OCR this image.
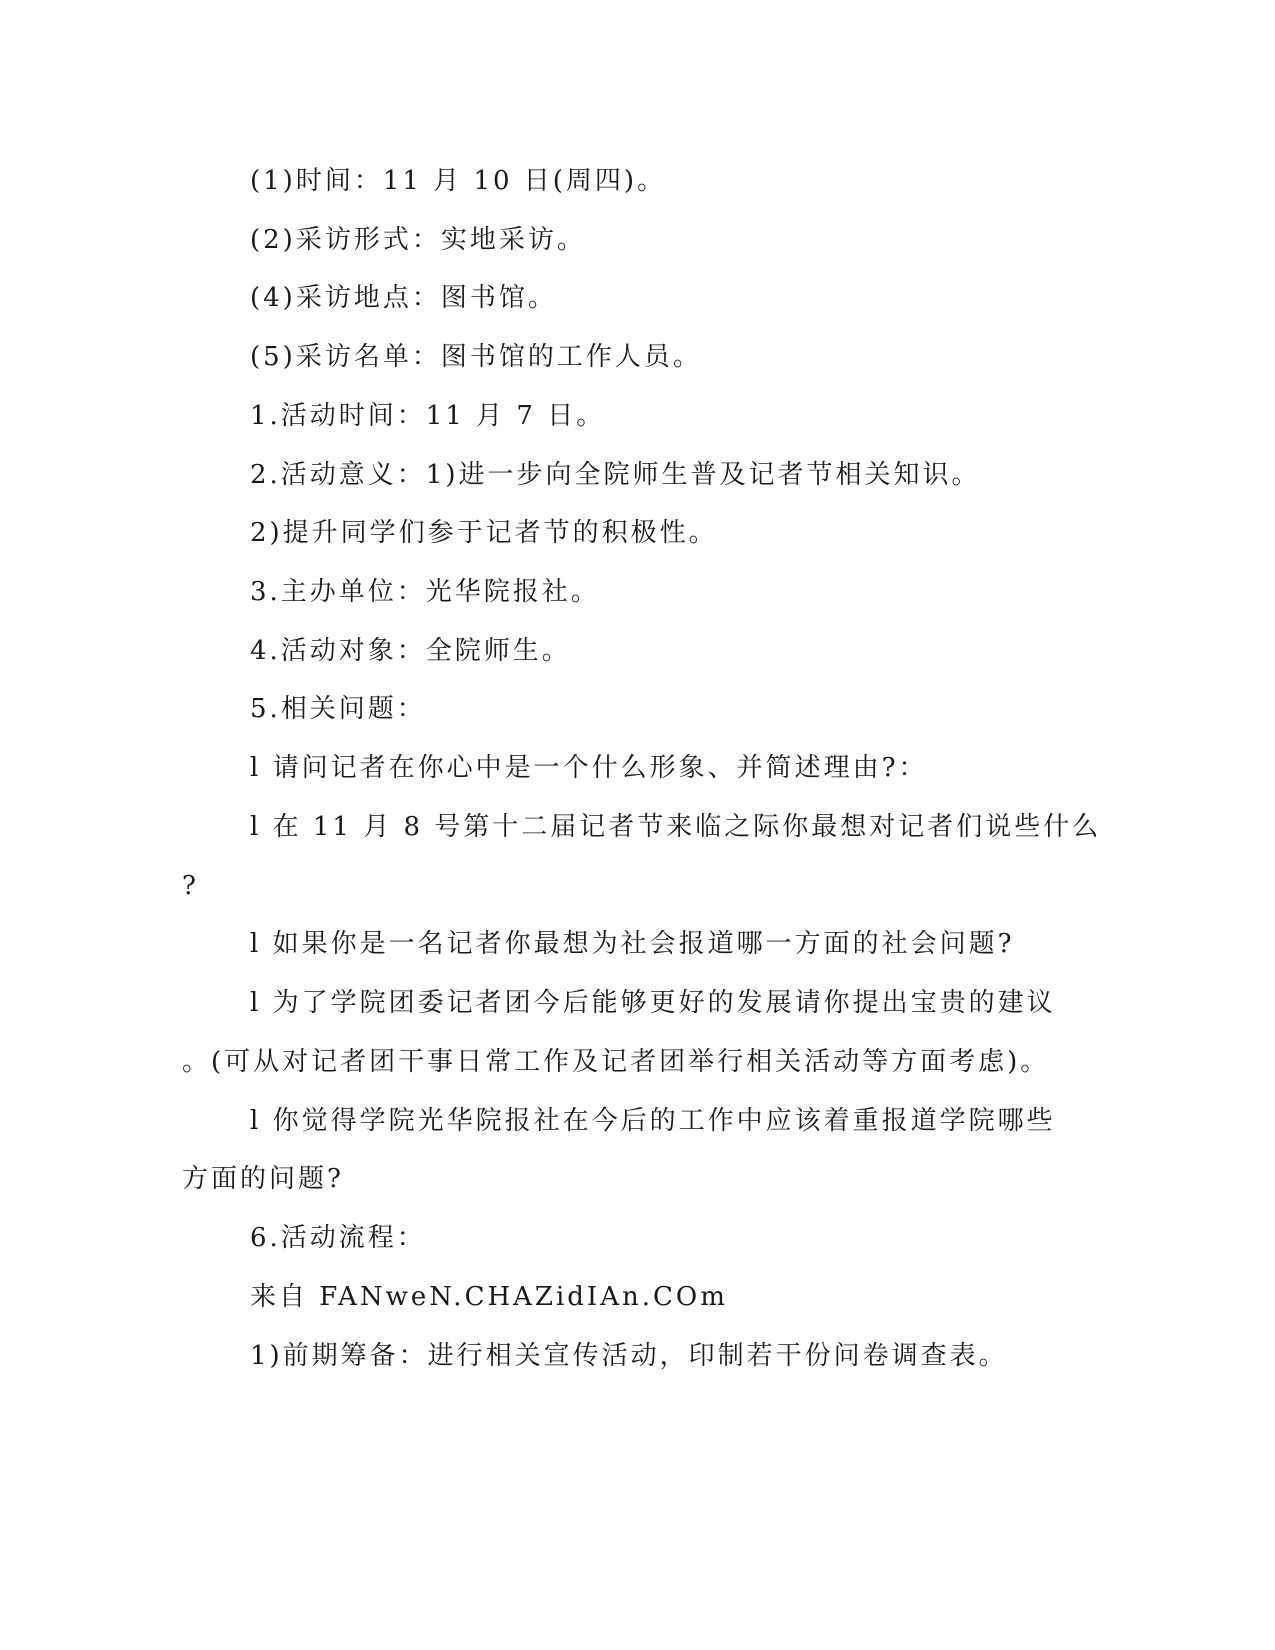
(1)时间：11 月 10 日(周四)。
(2)采访形式：实地采访。
(4)采访地点：图书馆。
(5)采访名单：图书馆的工作人员。
1.活动时间：11 月 7 日。
2.活动意义：1)进一步向全院师生普及记者节相关知识。
2)提升同学们参于记者节的积极性。
3.主办单位：光华院报社。
4.活动对象：全院师生。
5.相关问题：
l 请问记者在你心中是一个什么形象、并简述理由?：
l 在 11 月 8 号第十二届记者节来临之际你最想对记者们说些什么
?
l 如果你是一名记者你最想为社会报道哪一方面的社会问题?
l 为了学院团委记者团今后能够更好的发展请你提出宝贵的建议
。(可从对记者团干事日常工作及记者团举行相关活动等方面考虑)。
l 你觉得学院光华院报社在今后的工作中应该着重报道学院哪些
方面的问题?
6.活动流程：
来自 FANweN.CHAZidIAn.COm
1)前期筹备：进行相关宣传活动，印制若干份问卷调查表。
